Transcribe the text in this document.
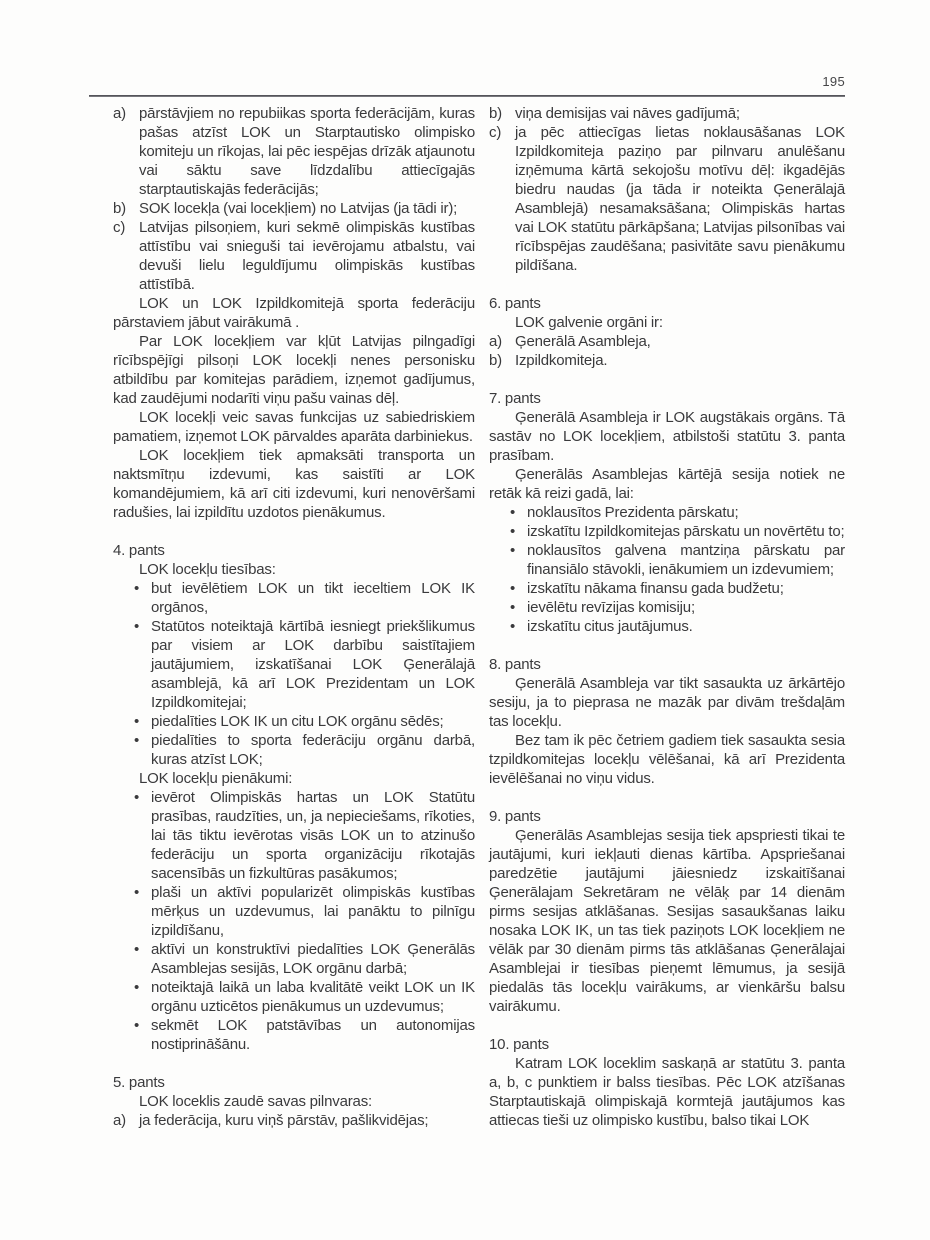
195
a) pārstāvjiem no repubiikas sporta federācijām, kuras pašas atzīst LOK un Starptautisko olimpisko komiteju un rīkojas, lai pēc iespējas drīzāk atjaunotu vai sāktu save līdzdalību attiecīgajās starptautiskajās federācijās;
b) SOK locekļa (vai locekļiem) no Latvijas (ja tādi ir);
c) Latvijas pilsoņiem, kuri sekmē olimpiskās kustības attīstību vai snieguši tai ievērojamu atbalstu, vai devuši lielu leguldījumu olimpiskās kustības attīstībā.

LOK un LOK Izpildkomitejā sporta federāciju pārstaviem jābut vairākumā .

Par LOK locekļiem var kļūt Latvijas pilngadīgi rīcībspējīgi pilsoņi LOK locekļi nenes personisku atbildību par komitejas parādiem, izņemot gadījumus, kad zaudējumi nodarīti viņu pašu vainas dēļ.

LOK locekļi veic savas funkcijas uz sabiedriskiem pamatiem, izņemot LOK pārvaldes aparāta darbiniekus.

LOK locekļiem tiek apmaksāti transporta un naktsmītņu izdevumi, kas saistīti ar LOK komandējumiem, kā arī citi izdevumi, kuri nenovēršami radušies, lai izpildītu uzdotos pienākumus.

4. pants

LOK locekļu tiesības:

• but ievēlētiem LOK un tikt ieceltiem LOK IK orgānos,
• Statūtos noteiktajā kārtībā iesniegt priekšlikumus par visiem ar LOK darbību saistītajiem jautājumiem, izskatīšanai LOK Ģenerālajā asamblejā, kā arī LOK Prezidentam un LOK Izpildkomitejai;
• piedalīties LOK IK un citu LOK orgānu sēdēs;
• piedalīties to sporta federāciju orgānu darbā, kuras atzīst LOK;

LOK locekļu pienākumi:

• ievērot Olimpiskās hartas un LOK Statūtu prasības, raudzīties, un, ja nepieciešams, rīkoties, lai tās tiktu ievērotas visās LOK un to atzinušo federāciju un sporta organizāciju rīkotajās sacensībās un fizkultūras pasākumos;
• plaši un aktīvi popularizēt olimpiskās kustības mērķus un uzdevumus, lai panāktu to pilnīgu izpildīšanu,
• aktīvi un konstruktīvi piedalīties LOK Ģenerālās Asamblejas sesijās, LOK orgānu darbā;
• noteiktajā laikā un laba kvalitātē veikt LOK un IK orgānu uzticētos pienākumus un uzdevumus;
• sekmēt LOK patstāvības un autonomijas nostiprināšānu.
5. pants

LOK loceklis zaudē savas pilnvaras:

a) ja federācija, kuru viņš pārstāv, pašlikvidējas;
b) viņa demisijas vai nāves gadījumā;
c) ja pēc attiecīgas lietas noklausāšanas LOK Izpildkomiteja paziņo par pilnvaru anulēšanu izņēmuma kārtā sekojošu motīvu dēļ: ikgadējās biedru naudas (ja tāda ir noteikta Ģenerālajā Asamblejā) nesamaksāšana; Olimpiskās hartas vai LOK statūtu pārkāpšana; Latvijas pilsonības vai rīcībspējas zaudēšana; pasivitāte savu pienākumu pildīšana.
6. pants

LOK galvenie orgāni ir:

a) Ģenerālā Asambleja,
b) Izpildkomiteja.
7. pants

Ģenerālā Asambleja ir LOK augstākais orgāns. Tā sastāv no LOK locekļiem, atbilstoši statūtu 3. panta prasībam.

Ģenerālās Asamblejas kārtējā sesija notiek ne retāk kā reizi gadā, lai:

• noklausītos Prezidenta pārskatu;
• izskatītu Izpildkomitejas pārskatu un novērtētu to;
• noklausītos galvena mantziņa pārskatu par finansiālo stāvokli, ienākumiem un izdevumiem;
• izskatītu nākama finansu gada budžetu;
• ievēlētu revīzijas komisiju;
• izskatītu citus jautājumus.
8. pants

Ģenerālā Asambleja var tikt sasaukta uz ārkārtējo sesiju, ja to pieprasa ne mazāk par divām trešdaļām tas locekļu.

Bez tam ik pēc četriem gadiem tiek sasaukta sesia tzpildkomitejas locekļu vēlēšanai, kā arī Prezidenta ievēlēšanai no viņu vidus.

9. pants

Ģenerālās Asamblejas sesija tiek apspriesti tikai te jautājumi, kuri iekļauti dienas kārtība. Apspriešanai paredzētie jautājumi jāiesniedz izskaitīšanai Ģenerālajam Sekretāram ne vēlāķ par 14 dienām pirms sesijas atklāšanas. Sesijas sasaukšanas laiku nosaka LOK IK, un tas tiek paziņots LOK locekļiem ne vēlāk par 30 dienām pirms tās atklāšanas Ģenerālajai Asamblejai ir tiesības pieņemt lēmumus, ja sesijā piedalās tās locekļu vairākums, ar vienkāršu balsu vairākumu.

10. pants

Katram LOK loceklim saskaņā ar statūtu 3. panta a, b, c punktiem ir balss tiesības. Pēc LOK atzīšanas Starptautiskajā olimpiskajā kormtejā jautājumos kas attiecas tieši uz olimpisko kustību, balso tikai LOK
